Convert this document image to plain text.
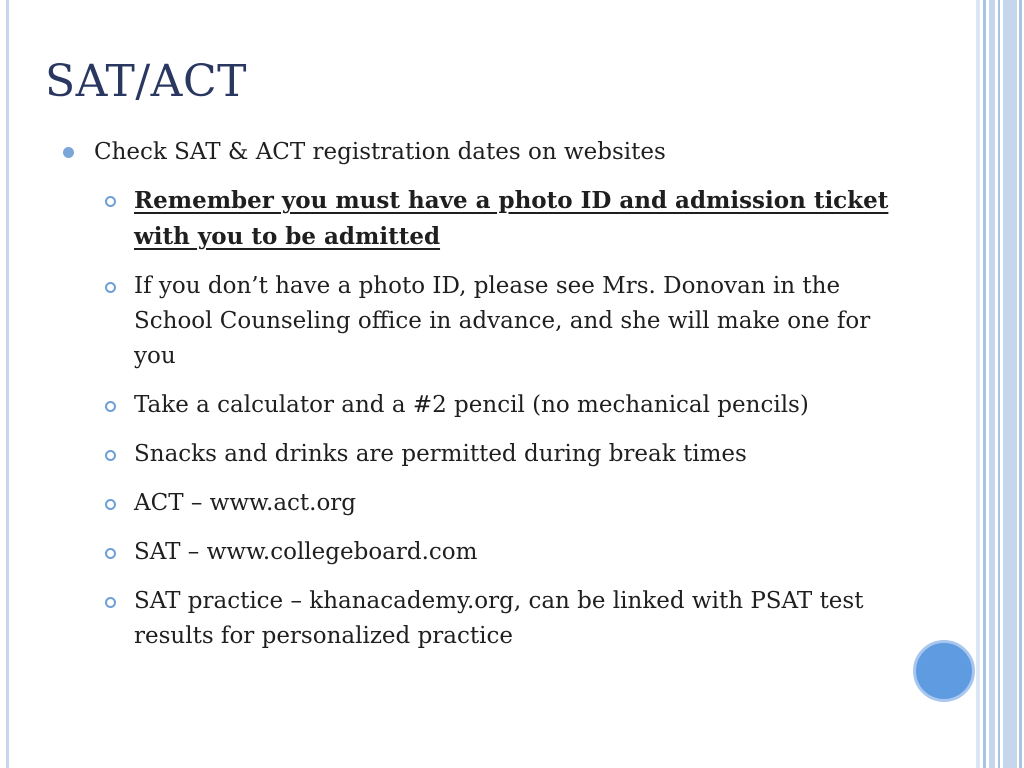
SAT/ACT
Check SAT & ACT registration dates on websites
Remember you must have a photo ID and admission ticket with you to be admitted
If you don’t have a photo ID, please see Mrs. Donovan in the School Counseling office in advance, and she will make one for you
Take a calculator and a #2 pencil (no mechanical pencils)
Snacks and drinks are permitted during break times
ACT – www.act.org
SAT – www.collegeboard.com
SAT practice – khanacademy.org, can be linked with PSAT test results for personalized practice
